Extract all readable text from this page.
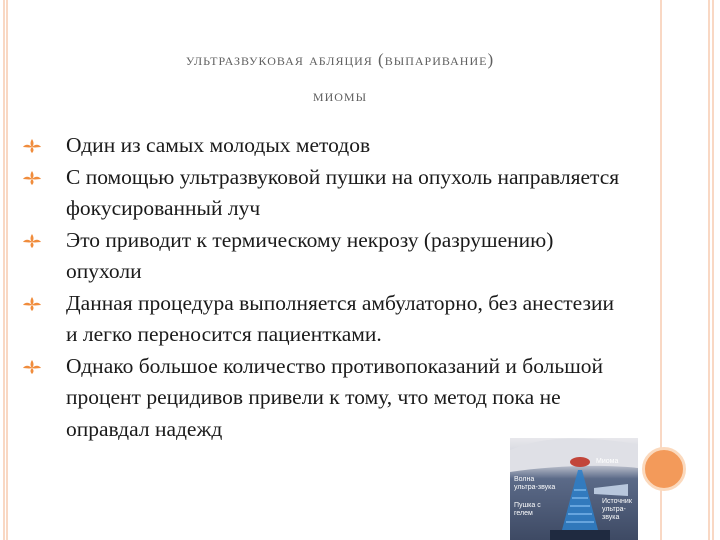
ультразвуковая абляция (выпаривание)
миомы
Один из самых молодых методов
С помощью ультразвуковой пушки на опухоль направляется фокусированный луч
Это приводит к термическому некрозу (разрушению) опухоли
Данная процедура выполняется амбулаторно, без анестезии и легко переносится пациентками.
Однако большое количество противопоказаний и большой процент рецидивов привели к тому, что метод пока не оправдал надежд
Миома
Волна ультра-звука
Источник ультра-звука
Пушка с гелем
